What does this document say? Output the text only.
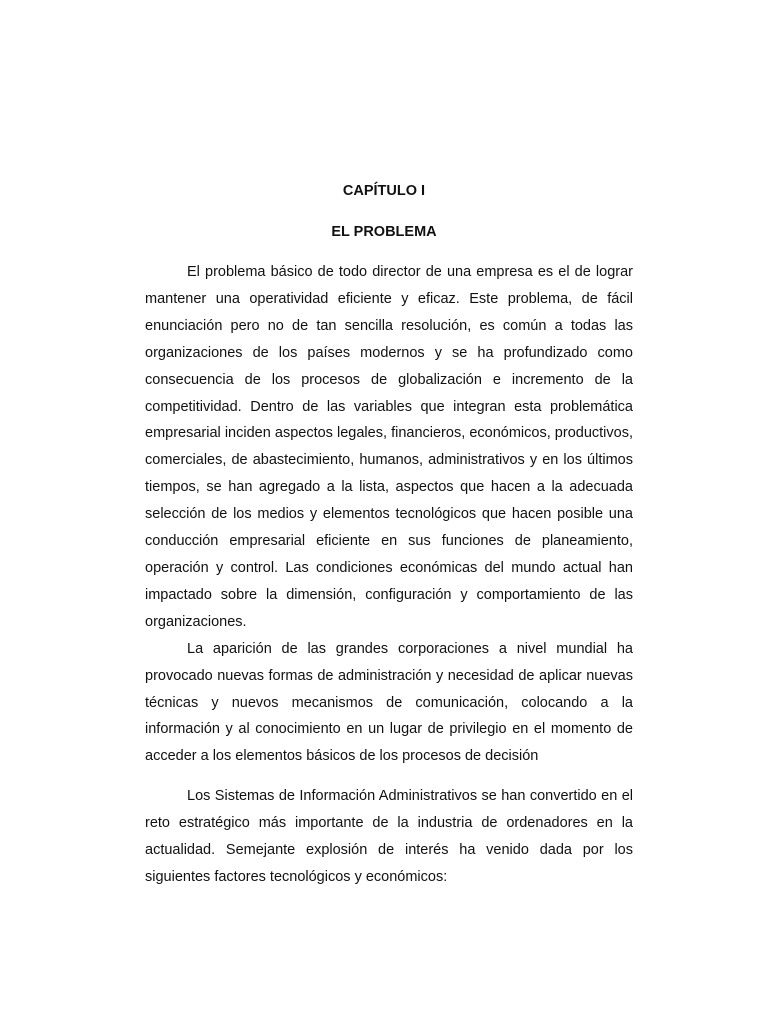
CAPÍTULO I
EL PROBLEMA

El problema básico de todo director de una empresa es el de lograr mantener una operatividad eficiente y eficaz. Este problema, de fácil enunciación pero no de tan sencilla resolución, es común a todas las organizaciones de los países modernos y se ha profundizado como consecuencia de los procesos de globalización e incremento de la competitividad. Dentro de las variables que integran esta problemática empresarial inciden aspectos legales, financieros, económicos, productivos, comerciales, de abastecimiento, humanos, administrativos y en los últimos tiempos, se han agregado a la lista, aspectos que hacen a la adecuada selección de los medios y elementos tecnológicos que hacen posible una conducción empresarial eficiente en sus funciones de planeamiento, operación y control. Las condiciones económicas del mundo actual han impactado sobre la dimensión, configuración y comportamiento de las organizaciones.

La aparición de las grandes corporaciones a nivel mundial ha provocado nuevas formas de administración y necesidad de aplicar nuevas técnicas y nuevos mecanismos de comunicación, colocando a la información y al conocimiento en un lugar de privilegio en el momento de acceder a los elementos básicos de los procesos de decisión

Los Sistemas de Información Administrativos se han convertido en el reto estratégico más importante de la industria de ordenadores en la actualidad. Semejante explosión de interés ha venido dada por los siguientes factores tecnológicos y económicos:
